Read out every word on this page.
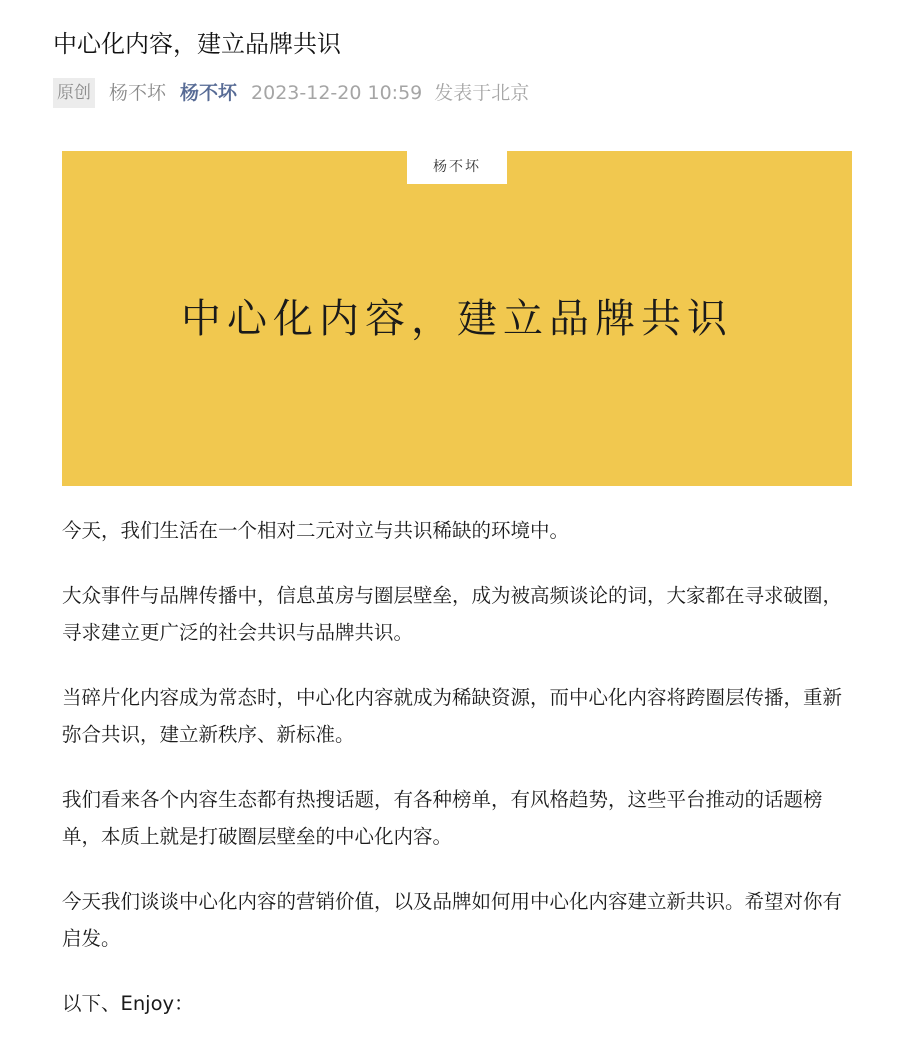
中心化内容，建立品牌共识
原创 杨不坏 杨不坏 2023-12-20 10:59 发表于北京
杨不坏
中心化内容，建立品牌共识

今天，我们生活在一个相对二元对立与共识稀缺的环境中。

大众事件与品牌传播中，信息茧房与圈层壁垒，成为被高频谈论的词，大家都在寻求破圈，寻求建立更广泛的社会共识与品牌共识。

当碎片化内容成为常态时，中心化内容就成为稀缺资源，而中心化内容将跨圈层传播，重新弥合共识，建立新秩序、新标准。

我们看来各个内容生态都有热搜话题，有各种榜单，有风格趋势，这些平台推动的话题榜单，本质上就是打破圈层壁垒的中心化内容。

今天我们谈谈中心化内容的营销价值，以及品牌如何用中心化内容建立新共识。希望对你有启发。

以下、Enjoy：
